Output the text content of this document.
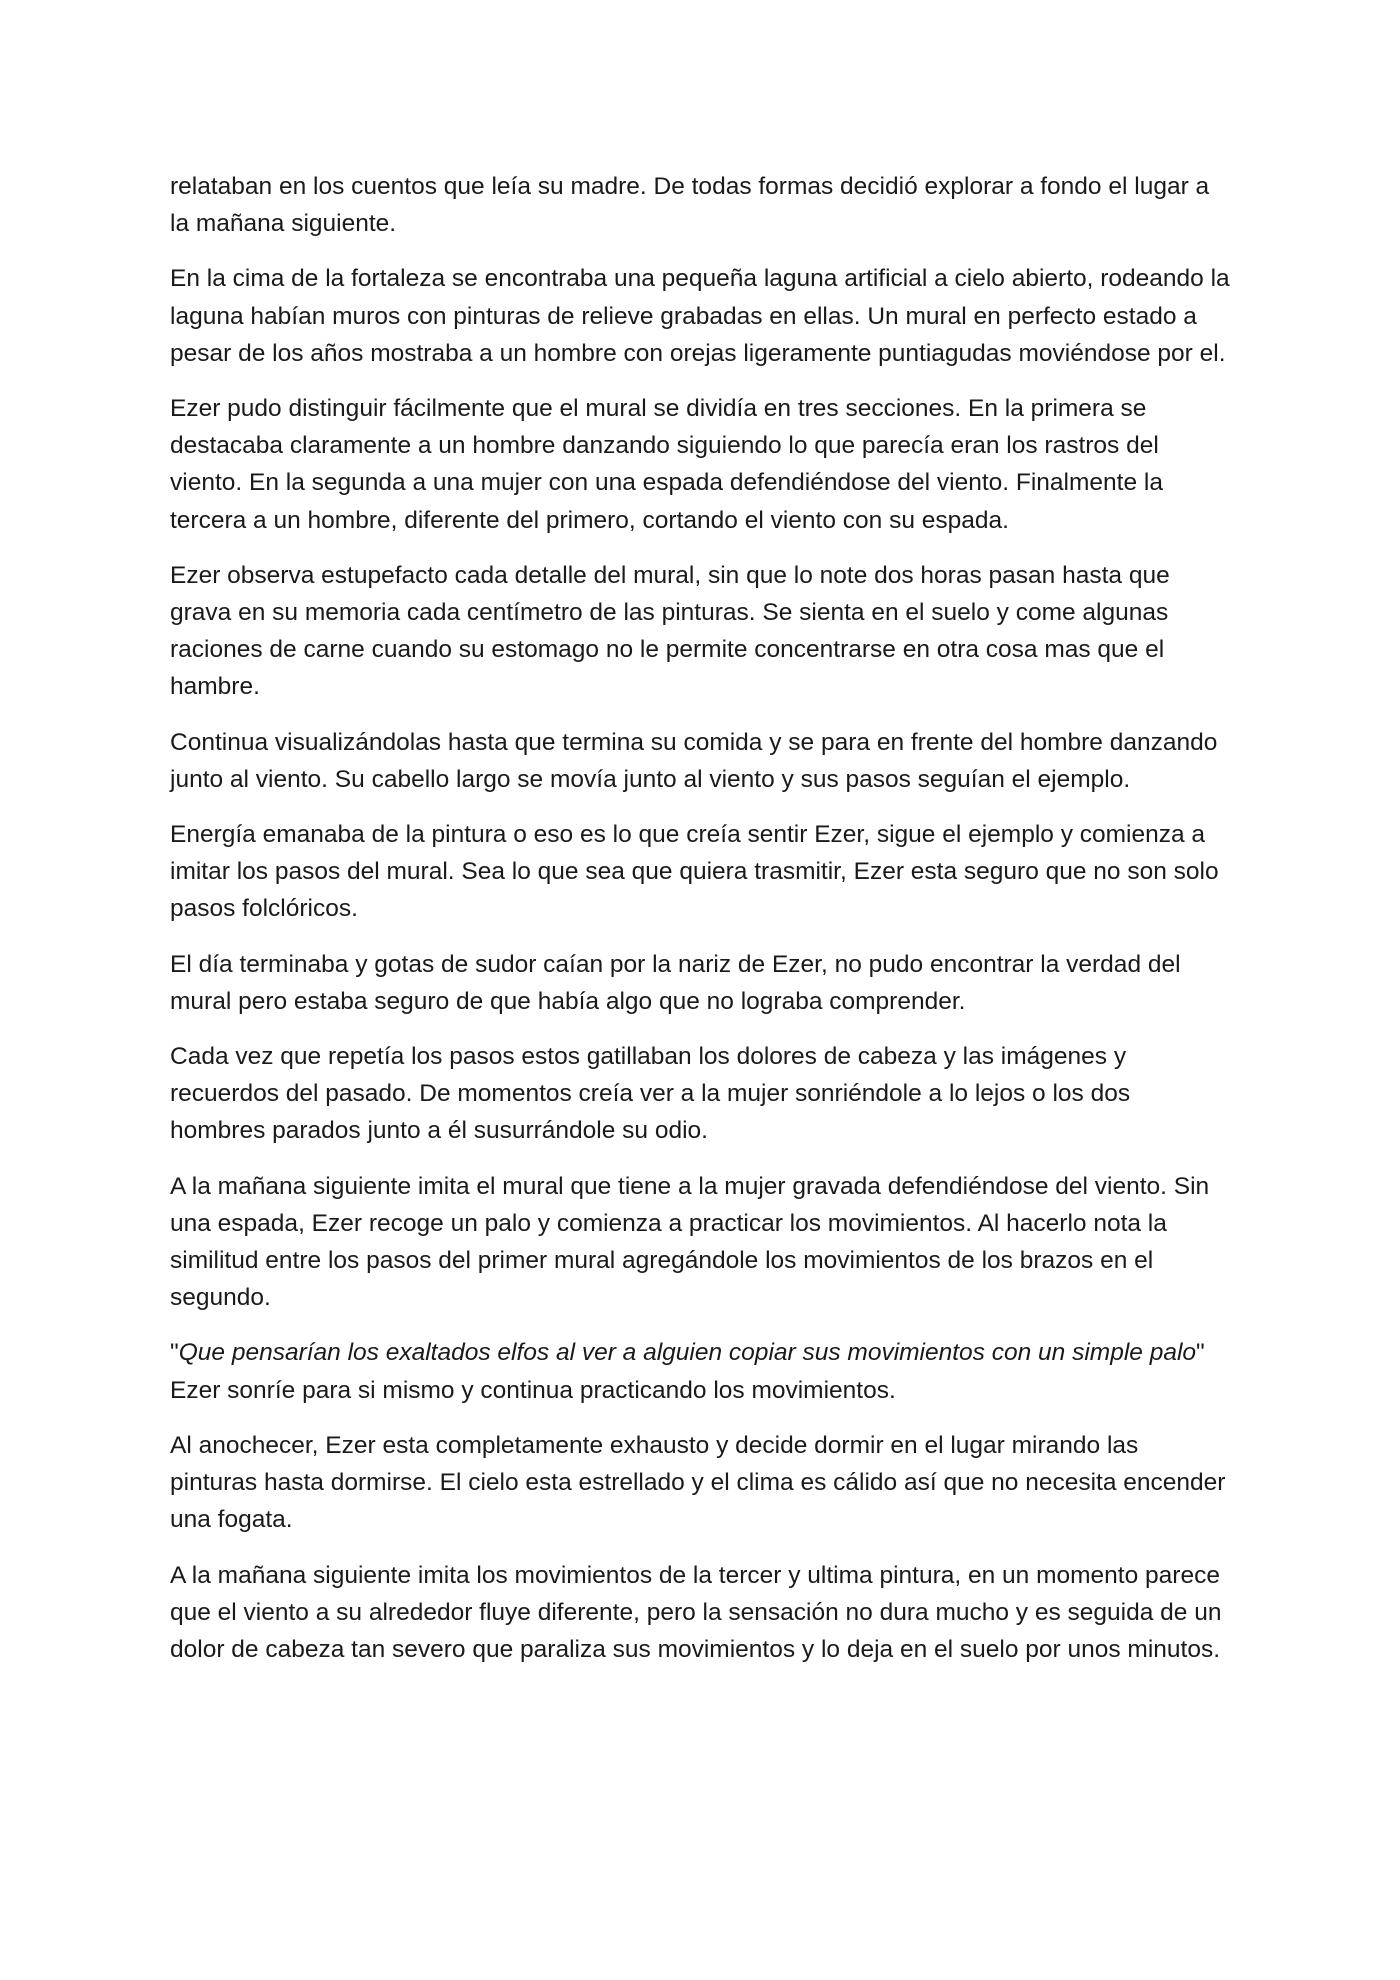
relataban en los cuentos que leía su madre. De todas formas decidió explorar a fondo el lugar a la mañana siguiente.

En la cima de la fortaleza se encontraba una pequeña laguna artificial a cielo abierto, rodeando la laguna habían muros con pinturas de relieve grabadas en ellas. Un mural en perfecto estado a pesar de los años mostraba a un hombre con orejas ligeramente puntiagudas moviéndose por el.

Ezer pudo distinguir fácilmente que el mural se dividía en tres secciones. En la primera se destacaba claramente a un hombre danzando siguiendo lo que parecía eran los rastros del viento. En la segunda a una mujer con una espada defendiéndose del viento. Finalmente la tercera a un hombre, diferente del primero, cortando el viento con su espada.

Ezer observa estupefacto cada detalle del mural, sin que lo note dos horas pasan hasta que grava en su memoria cada centímetro de las pinturas. Se sienta en el suelo y come algunas raciones de carne cuando su estomago no le permite concentrarse en otra cosa mas que el hambre.

Continua visualizándolas hasta que termina su comida y se para en frente del hombre danzando junto al viento. Su cabello largo se movía junto al viento y sus pasos seguían el ejemplo.

Energía emanaba de la pintura o eso es lo que creía sentir Ezer, sigue el ejemplo y comienza a imitar los pasos del mural. Sea lo que sea que quiera trasmitir, Ezer esta seguro que no son solo pasos folclóricos.

El día terminaba y gotas de sudor caían por la nariz de Ezer, no pudo encontrar la verdad del mural pero estaba seguro de que había algo que no lograba comprender.

Cada vez que repetía los pasos estos gatillaban los dolores de cabeza y las imágenes y recuerdos del pasado. De momentos creía ver a la mujer sonriéndole a lo lejos o los dos hombres parados junto a él susurrándole su odio.

A la mañana siguiente imita el mural que tiene a la mujer gravada defendiéndose del viento. Sin una espada, Ezer recoge un palo y comienza a practicar los movimientos. Al hacerlo nota la similitud entre los pasos del primer mural agregándole los movimientos de los brazos en el segundo.

"Que pensarían los exaltados elfos al ver a alguien copiar sus movimientos con un simple palo" Ezer sonríe para si mismo y continua practicando los movimientos.

Al anochecer, Ezer esta completamente exhausto y decide dormir en el lugar mirando las pinturas hasta dormirse. El cielo esta estrellado y el clima es cálido así que no necesita encender una fogata.

A la mañana siguiente imita los movimientos de la tercer y ultima pintura, en un momento parece que el viento a su alrededor fluye diferente, pero la sensación no dura mucho y es seguida de un dolor de cabeza tan severo que paraliza sus movimientos y lo deja en el suelo por unos minutos.
